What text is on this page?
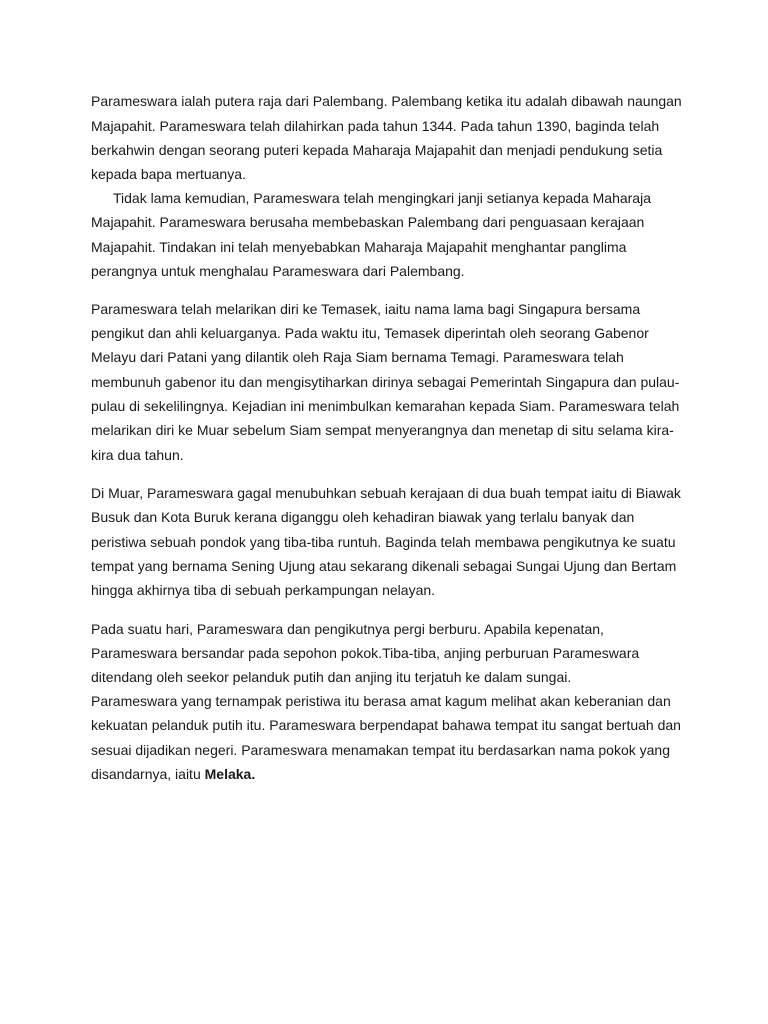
Parameswara ialah putera raja dari Palembang. Palembang ketika itu adalah dibawah naungan
Majapahit. Parameswara telah dilahirkan pada tahun 1344. Pada tahun 1390, baginda telah
berkahwin dengan seorang puteri kepada Maharaja Majapahit dan menjadi pendukung setia
kepada bapa mertuanya.
Tidak lama kemudian, Parameswara telah mengingkari janji setianya kepada Maharaja
Majapahit. Parameswara berusaha membebaskan Palembang dari penguasaan kerajaan
Majapahit. Tindakan ini telah menyebabkan Maharaja Majapahit menghantar panglima
perangnya untuk menghalau Parameswara dari Palembang.
Parameswara telah melarikan diri ke Temasek, iaitu nama lama bagi Singapura bersama
pengikut dan ahli keluarganya. Pada waktu itu, Temasek diperintah oleh seorang Gabenor
Melayu dari Patani yang dilantik oleh Raja Siam bernama Temagi. Parameswara telah
membunuh gabenor itu dan mengisytiharkan dirinya sebagai Pemerintah Singapura dan pulau-
pulau di sekelilingnya. Kejadian ini menimbulkan kemarahan kepada Siam. Parameswara telah
melarikan diri ke Muar sebelum Siam sempat menyerangnya dan menetap di situ selama kira-
kira dua tahun.
Di Muar, Parameswara gagal menubuhkan sebuah kerajaan di dua buah tempat iaitu di Biawak
Busuk dan Kota Buruk kerana diganggu oleh kehadiran biawak yang terlalu banyak dan
peristiwa sebuah pondok yang tiba-tiba runtuh. Baginda telah membawa pengikutnya ke suatu
tempat yang bernama Sening Ujung atau sekarang dikenali sebagai Sungai Ujung dan Bertam
hingga akhirnya tiba di sebuah perkampungan nelayan.
Pada suatu hari, Parameswara dan pengikutnya pergi berburu. Apabila kepenatan,
Parameswara bersandar pada sepohon pokok.Tiba-tiba, anjing perburuan Parameswara
ditendang oleh seekor pelanduk putih dan anjing itu terjatuh ke dalam sungai.
Parameswara yang ternampak peristiwa itu berasa amat kagum melihat akan keberanian dan
kekuatan pelanduk putih itu. Parameswara berpendapat bahawa tempat itu sangat bertuah dan
sesuai dijadikan negeri. Parameswara menamakan tempat itu berdasarkan nama pokok yang
disandarnya, iaitu Melaka.
